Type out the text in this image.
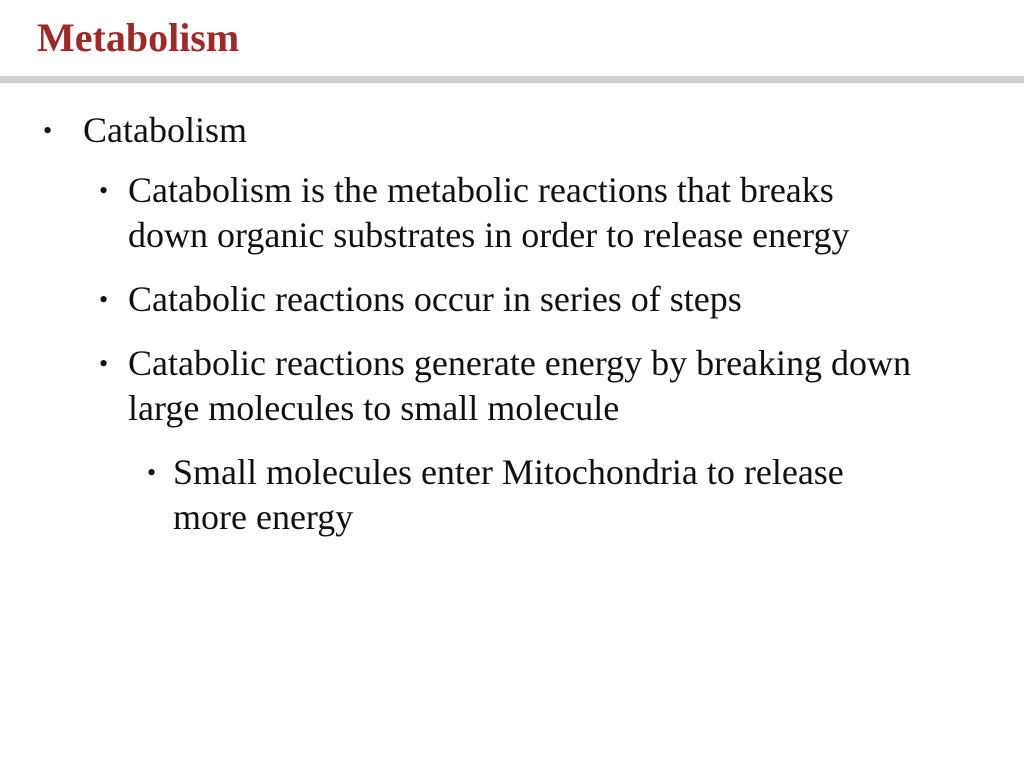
Metabolism
• Catabolism
• Catabolism is the metabolic reactions that breaks down organic substrates in order to release energy
• Catabolic reactions occur in series of steps
• Catabolic reactions generate energy by breaking down large molecules to small molecule
• Small molecules enter Mitochondria to release more energy
